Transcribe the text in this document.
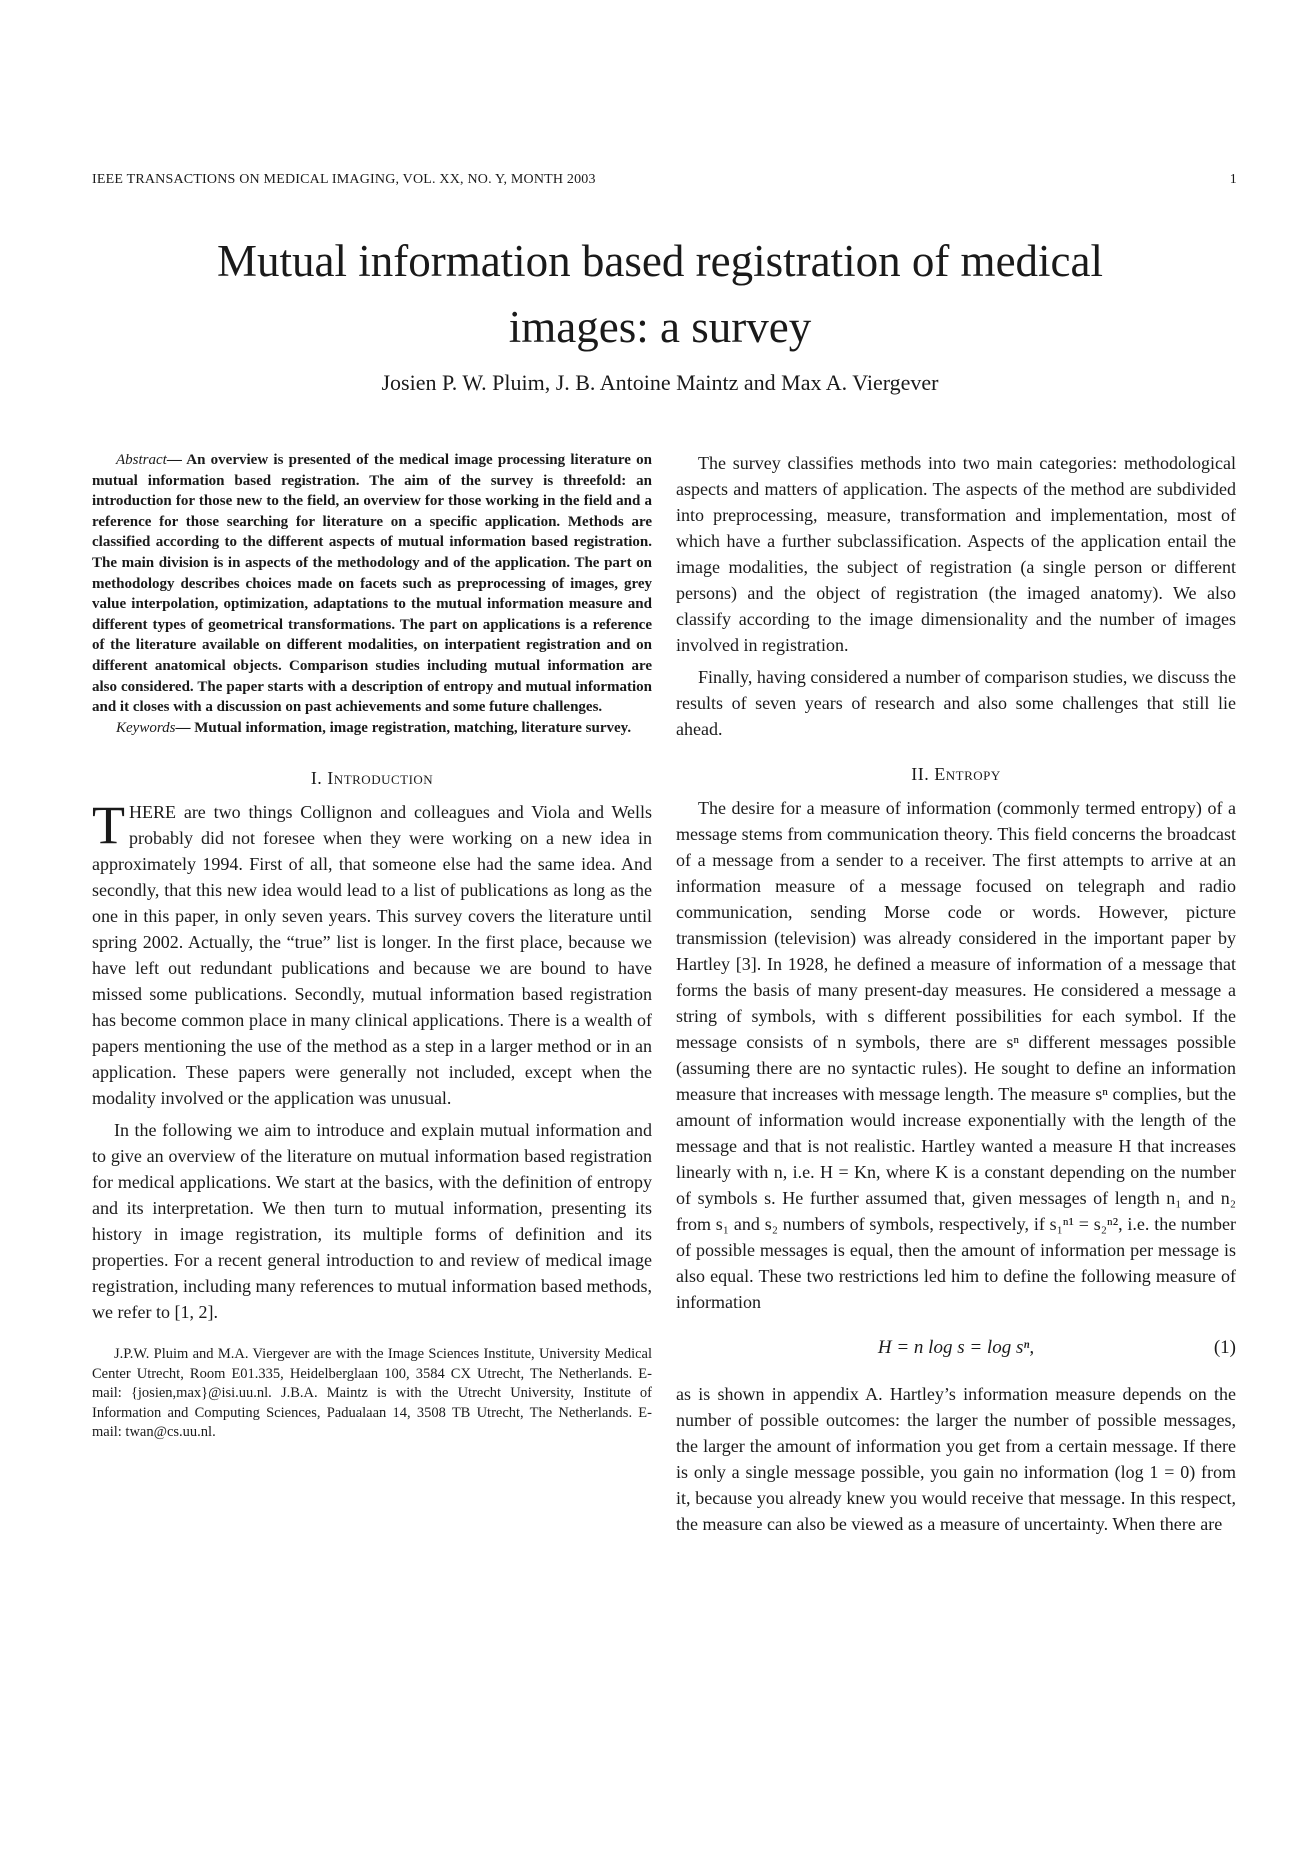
IEEE TRANSACTIONS ON MEDICAL IMAGING, VOL. XX, NO. Y, MONTH 2003	1
Mutual information based registration of medical
images: a survey
Josien P. W. Pluim, J. B. Antoine Maintz and Max A. Viergever

Abstract— An overview is presented of the medical image processing literature on mutual information based registration. The aim of the survey is threefold: an introduction for those new to the field, an overview for those working in the field and a reference for those searching for literature on a specific application. Methods are classified according to the different aspects of mutual information based registration. The main division is in aspects of the methodology and of the application. The part on methodology describes choices made on facets such as preprocessing of images, grey value interpolation, optimization, adaptations to the mutual information measure and different types of geometrical transformations. The part on applications is a reference of the literature available on different modalities, on interpatient registration and on different anatomical objects. Comparison studies including mutual information are also considered. The paper starts with a description of entropy and mutual information and it closes with a discussion on past achievements and some future challenges.

Keywords— Mutual information, image registration, matching, literature survey.

I. Introduction

THERE are two things Collignon and colleagues and Viola and Wells probably did not foresee when they were working on a new idea in approximately 1994. First of all, that someone else had the same idea. And secondly, that this new idea would lead to a list of publications as long as the one in this paper, in only seven years. This survey covers the literature until spring 2002. Actually, the “true” list is longer. In the first place, because we have left out redundant publications and because we are bound to have missed some publications. Secondly, mutual information based registration has become common place in many clinical applications. There is a wealth of papers mentioning the use of the method as a step in a larger method or in an application. These papers were generally not included, except when the modality involved or the application was unusual.

In the following we aim to introduce and explain mutual information and to give an overview of the literature on mutual information based registration for medical applications. We start at the basics, with the definition of entropy and its interpretation. We then turn to mutual information, presenting its history in image registration, its multiple forms of definition and its properties. For a recent general introduction to and review of medical image registration, including many references to mutual information based methods, we refer to [1, 2].

J.P.W. Pluim and M.A. Viergever are with the Image Sciences Institute, University Medical Center Utrecht, Room E01.335, Heidelberglaan 100, 3584 CX Utrecht, The Netherlands. E-mail: {josien,max}@isi.uu.nl. J.B.A. Maintz is with the Utrecht University, Institute of Information and Computing Sciences, Padualaan 14, 3508 TB Utrecht, The Netherlands. E-mail: twan@cs.uu.nl.

The survey classifies methods into two main categories: methodological aspects and matters of application. The aspects of the method are subdivided into preprocessing, measure, transformation and implementation, most of which have a further subclassification. Aspects of the application entail the image modalities, the subject of registration (a single person or different persons) and the object of registration (the imaged anatomy). We also classify according to the image dimensionality and the number of images involved in registration.

Finally, having considered a number of comparison studies, we discuss the results of seven years of research and also some challenges that still lie ahead.

II. Entropy

The desire for a measure of information (commonly termed entropy) of a message stems from communication theory. This field concerns the broadcast of a message from a sender to a receiver. The first attempts to arrive at an information measure of a message focused on telegraph and radio communication, sending Morse code or words. However, picture transmission (television) was already considered in the important paper by Hartley [3]. In 1928, he defined a measure of information of a message that forms the basis of many present-day measures. He considered a message a string of symbols, with s different possibilities for each symbol. If the message consists of n symbols, there are sⁿ different messages possible (assuming there are no syntactic rules). He sought to define an information measure that increases with message length. The measure sⁿ complies, but the amount of information would increase exponentially with the length of the message and that is not realistic. Hartley wanted a measure H that increases linearly with n, i.e. H = Kn, where K is a constant depending on the number of symbols s. He further assumed that, given messages of length n₁ and n₂ from s₁ and s₂ numbers of symbols, respectively, if s₁ⁿ¹ = s₂ⁿ², i.e. the number of possible messages is equal, then the amount of information per message is also equal. These two restrictions led him to define the following measure of information

H = n log s = log sⁿ,	(1)

as is shown in appendix A. Hartley’s information measure depends on the number of possible outcomes: the larger the number of possible messages, the larger the amount of information you get from a certain message. If there is only a single message possible, you gain no information (log 1 = 0) from it, because you already knew you would receive that message. In this respect, the measure can also be viewed as a measure of uncertainty. When there are
